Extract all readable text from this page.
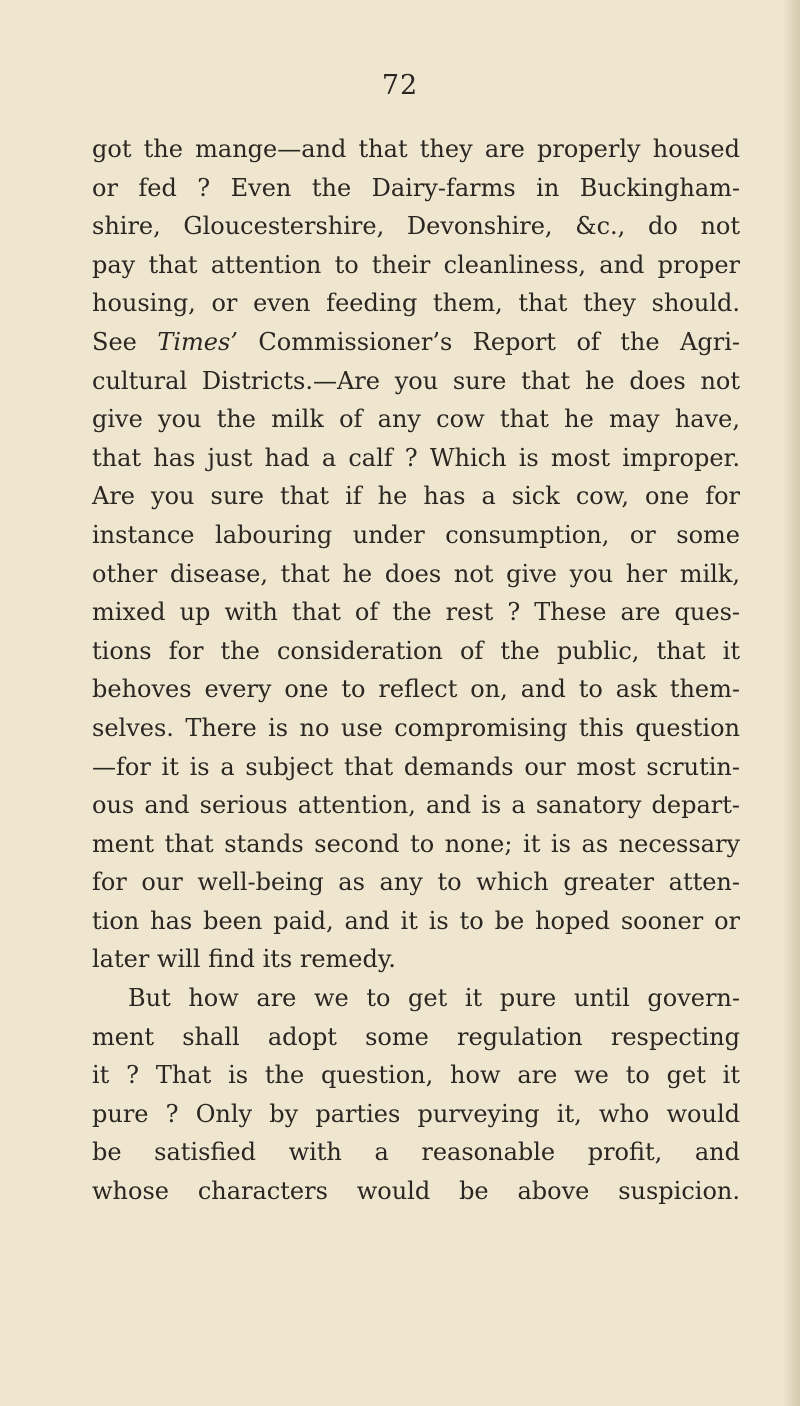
72
got the mange—and that they are properly housed
or fed ? Even the Dairy-farms in Buckingham-
shire, Gloucestershire, Devonshire, &c., do not
pay that attention to their cleanliness, and proper
housing, or even feeding them, that they should.
See Times’ Commissioner’s Report of the Agri-
cultural Districts.—Are you sure that he does not
give you the milk of any cow that he may have,
that has just had a calf ? Which is most improper.
Are you sure that if he has a sick cow, one for
instance labouring under consumption, or some
other disease, that he does not give you her milk,
mixed up with that of the rest ? These are ques-
tions for the consideration of the public, that it
behoves every one to reflect on, and to ask them-
selves. There is no use compromising this question
—for it is a subject that demands our most scrutin-
ous and serious attention, and is a sanatory depart-
ment that stands second to none; it is as necessary
for our well-being as any to which greater atten-
tion has been paid, and it is to be hoped sooner or
later will find its remedy.
But how are we to get it pure until govern-
ment shall adopt some regulation respecting
it ? That is the question, how are we to get it
pure ? Only by parties purveying it, who would
be satisfied with a reasonable profit, and
whose characters would be above suspicion.
